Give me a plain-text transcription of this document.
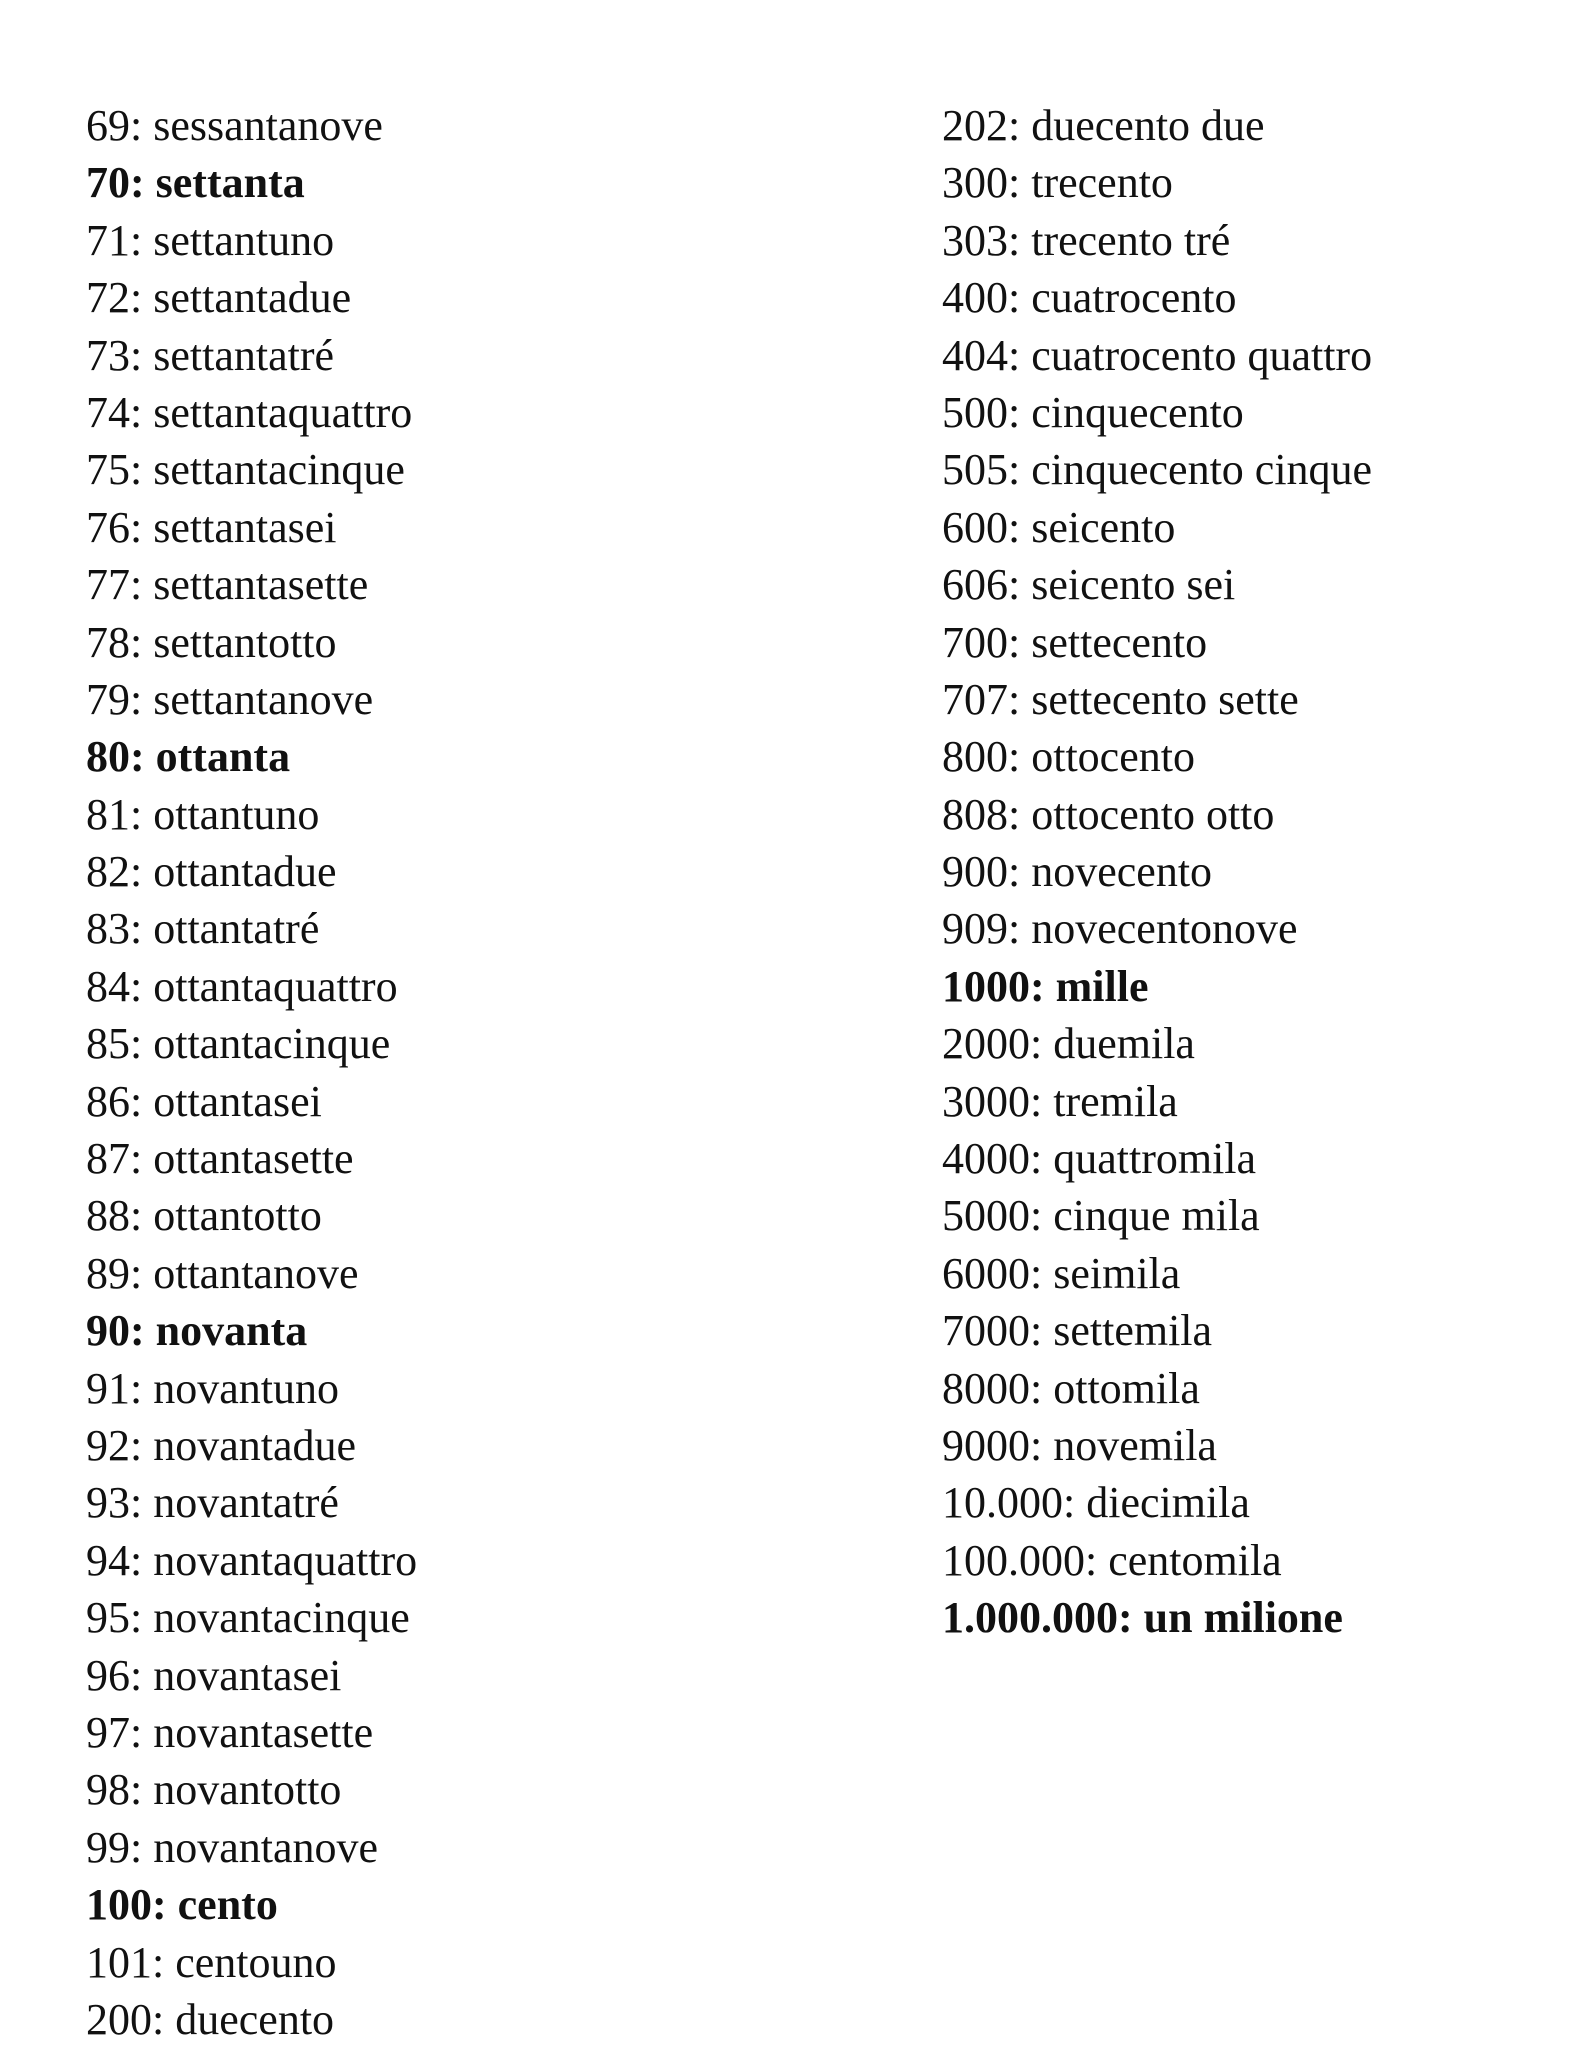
69: sessantanove
70: settanta
71: settantuno
72: settantadue
73: settantatré
74: settantaquattro
75: settantacinque
76: settantasei
77: settantasette
78: settantotto
79: settantanove
80: ottanta
81: ottantuno
82: ottantadue
83: ottantatré
84: ottantaquattro
85: ottantacinque
86: ottantasei
87: ottantasette
88: ottantotto
89: ottantanove
90: novanta
91: novantuno
92: novantadue
93: novantatré
94: novantaquattro
95: novantacinque
96: novantasei
97: novantasette
98: novantotto
99: novantanove
100: cento
101: centouno
200: duecento
202: duecento due
300: trecento
303: trecento tré
400: cuatrocento
404: cuatrocento quattro
500: cinquecento
505: cinquecento cinque
600: seicento
606: seicento sei
700: settecento
707: settecento sette
800: ottocento
808: ottocento otto
900: novecento
909: novecentonove
1000: mille
2000: duemila
3000: tremila
4000: quattromila
5000: cinque mila
6000: seimila
7000: settemila
8000: ottomila
9000: novemila
10.000: diecimila
100.000: centomila
1.000.000: un milione
